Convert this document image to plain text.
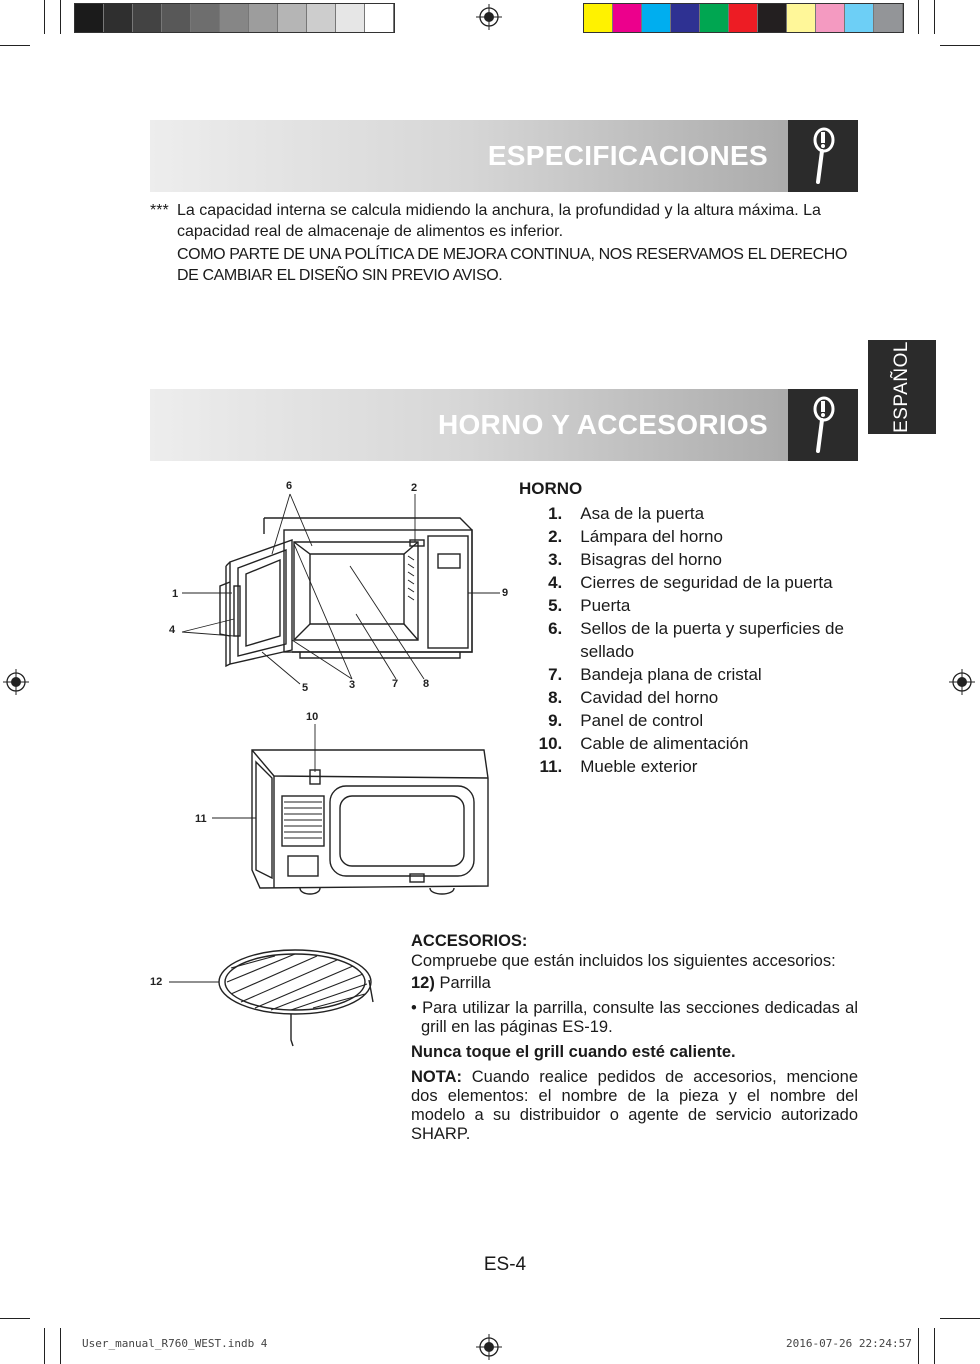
ESPECIFICACIONES
*** La capacidad interna se calcula midiendo la anchura, la profundidad y la altura máxima. La capacidad real de almacenaje de alimentos es inferior.

COMO PARTE DE UNA POLÍTICA DE MEJORA CONTINUA, NOS RESERVAMOS EL DERECHO DE CAMBIAR EL DISEÑO SIN PREVIO AVISO.

ESPAÑOL
HORNO Y ACCESORIOS
6	2
1
4
9
5	3	7 8
10
11
HORNO
1.	Asa de la puerta
2.	Lámpara del horno
3.	Bisagras del horno
4.	Cierres de seguridad de la puerta
5.	Puerta
6.	Sellos de la puerta y superficies de sellado
7.	Bandeja plana de cristal
8.	Cavidad del horno
9.	Panel de control
10.	Cable de alimentación
11.	Mueble exterior
12

ACCESORIOS:

Compruebe que están incluidos los siguientes accesorios:

12) Parrilla

• Para utilizar la parrilla, consulte las secciones dedicadas al grill en las páginas ES-19.

Nunca toque el grill cuando esté caliente.

NOTA: Cuando realice pedidos de accesorios, mencione dos elementos: el nombre de la pieza y el nombre del modelo a su distribuidor o agente de servicio autorizado SHARP.

ES-4
User_manual_R760_WEST.indb 4	2016-07-26 22:24:57
